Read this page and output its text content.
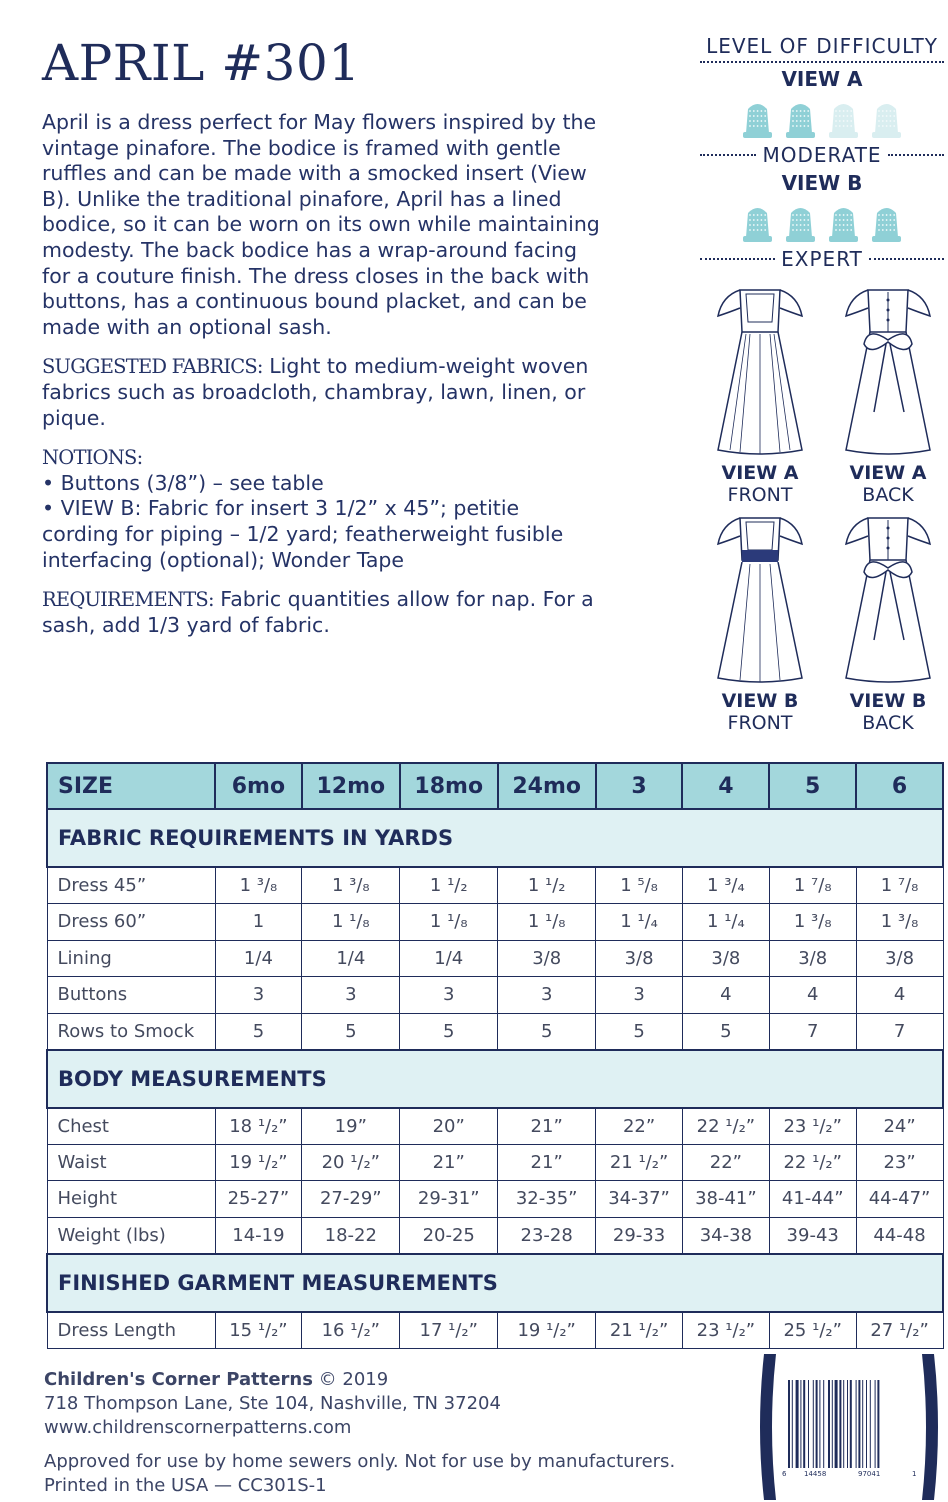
APRIL #301

April is a dress perfect for May flowers inspired by the vintage pinafore. The bodice is framed with gentle ruffles and can be made with a smocked insert (View B). Unlike the traditional pinafore, April has a lined bodice, so it can be worn on its own while maintaining modesty. The back bodice has a wrap-around facing for a couture finish. The dress closes in the back with buttons, has a continuous bound placket, and can be made with an optional sash.

SUGGESTED FABRICS: Light to medium-weight woven fabrics such as broadcloth, chambray, lawn, linen, or pique.

NOTIONS:
• Buttons (3/8”) – see table
• VIEW B: Fabric for insert 3 1/2” x 45”; petitie cording for piping – 1/2 yard; featherweight fusible interfacing (optional); Wonder Tape

REQUIREMENTS: Fabric quantities allow for nap. For a sash, add 1/3 yard of fabric.

LEVEL OF DIFFICULTY
VIEW A
MODERATE
VIEW B
EXPERT
VIEW A
FRONT
VIEW A
BACK
VIEW B
FRONT
VIEW B
BACK
SIZE	6mo	12mo	18mo	24mo	3	4	5	6
FABRIC REQUIREMENTS IN YARDS								
Dress 45”	1 ³/₈	1 ³/₈	1 ¹/₂	1 ¹/₂	1 ⁵/₈	1 ³/₄	1 ⁷/₈	1 ⁷/₈
Dress 60”	1	1 ¹/₈	1 ¹/₈	1 ¹/₈	1 ¹/₄	1 ¹/₄	1 ³/₈	1 ³/₈
Lining	1/4	1/4	1/4	3/8	3/8	3/8	3/8	3/8
Buttons	3	3	3	3	3	4	4	4
Rows to Smock	5	5	5	5	5	5	7	7
BODY MEASUREMENTS								
Chest	18 ¹/₂”	19”	20”	21”	22”	22 ¹/₂”	23 ¹/₂”	24”
Waist	19 ¹/₂”	20 ¹/₂”	21”	21”	21 ¹/₂”	22”	22 ¹/₂”	23”
Height	25-27”	27-29”	29-31”	32-35”	34-37”	38-41”	41-44”	44-47”
Weight (lbs)	14-19	18-22	20-25	23-28	29-33	34-38	39-43	44-48
FINISHED GARMENT MEASUREMENTS								
Dress Length	15 ¹/₂”	16 ¹/₂”	17 ¹/₂”	19 ¹/₂”	21 ¹/₂”	23 ¹/₂”	25 ¹/₂”	27 ¹/₂”
Children's Corner Patterns © 2019
718 Thompson Lane, Ste 104, Nashville, TN 37204
www.childrenscornerpatterns.com
Approved for use by home sewers only. Not for use by manufacturers.
Printed in the USA — CC301S-1
6	14458	97041	1
